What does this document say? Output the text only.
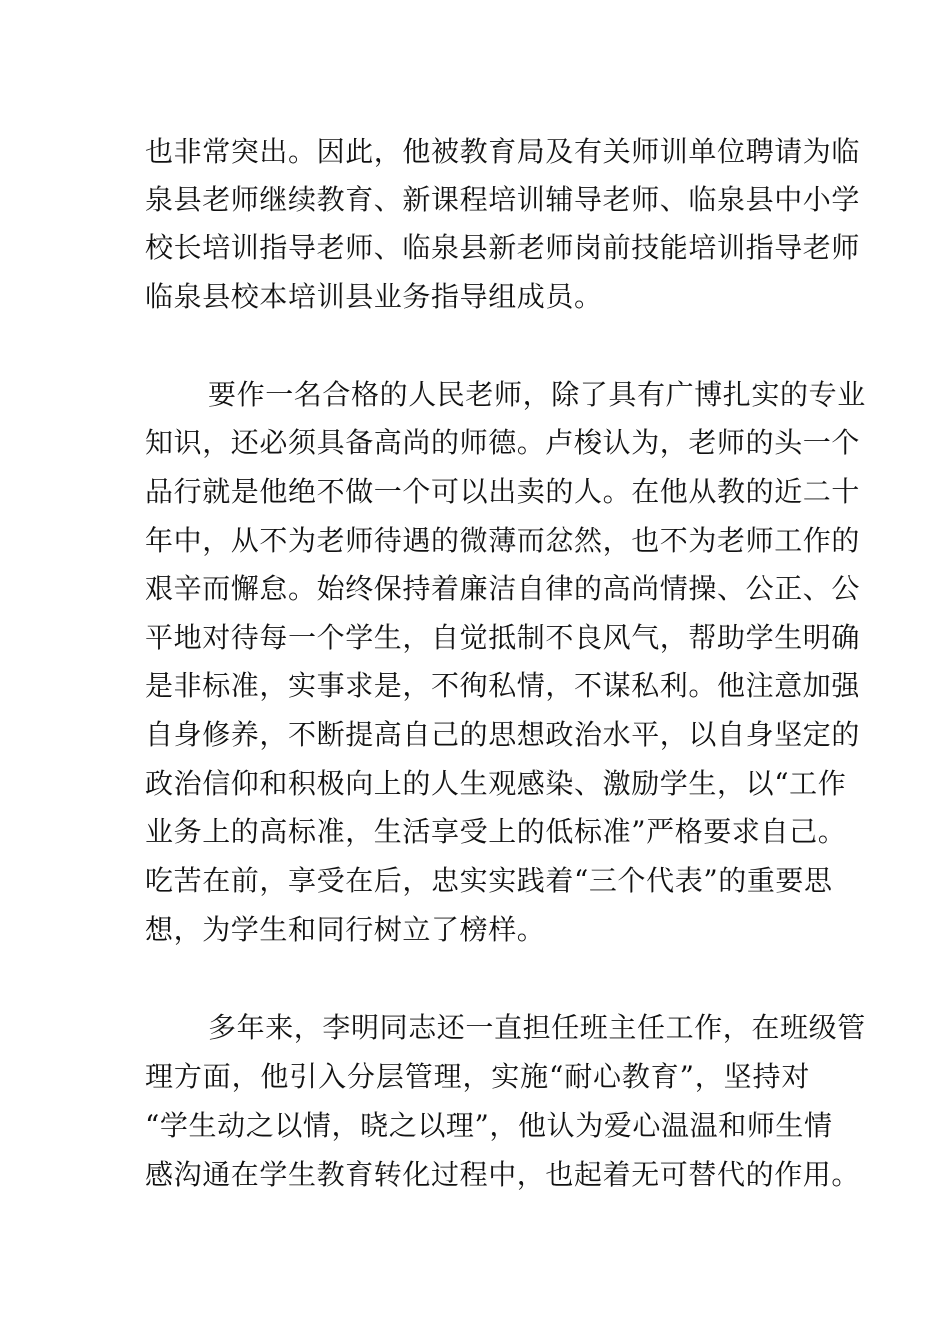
也非常突出。因此，他被教育局及有关师训单位聘请为临
泉县老师继续教育、新课程培训辅导老师、临泉县中小学
校长培训指导老师、临泉县新老师岗前技能培训指导老师
临泉县校本培训县业务指导组成员。
要作一名合格的人民老师，除了具有广博扎实的专业
知识，还必须具备高尚的师德。卢梭认为，老师的头一个
品行就是他绝不做一个可以出卖的人。在他从教的近二十
年中，从不为老师待遇的微薄而忿然，也不为老师工作的
艰辛而懈怠。始终保持着廉洁自律的高尚情操、公正、公
平地对待每一个学生，自觉抵制不良风气，帮助学生明确
是非标准，实事求是，不徇私情，不谋私利。他注意加强
自身修养，不断提高自己的思想政治水平，以自身坚定的
政治信仰和积极向上的人生观感染、激励学生，以“工作
业务上的高标准，生活享受上的低标准”严格要求自己。
吃苦在前，享受在后，忠实实践着“三个代表”的重要思
想，为学生和同行树立了榜样。
多年来，李明同志还一直担任班主任工作，在班级管
理方面，他引入分层管理，实施“耐心教育”，坚持对
“学生动之以情，晓之以理”，他认为爱心温温和师生情
感沟通在学生教育转化过程中，也起着无可替代的作用。
